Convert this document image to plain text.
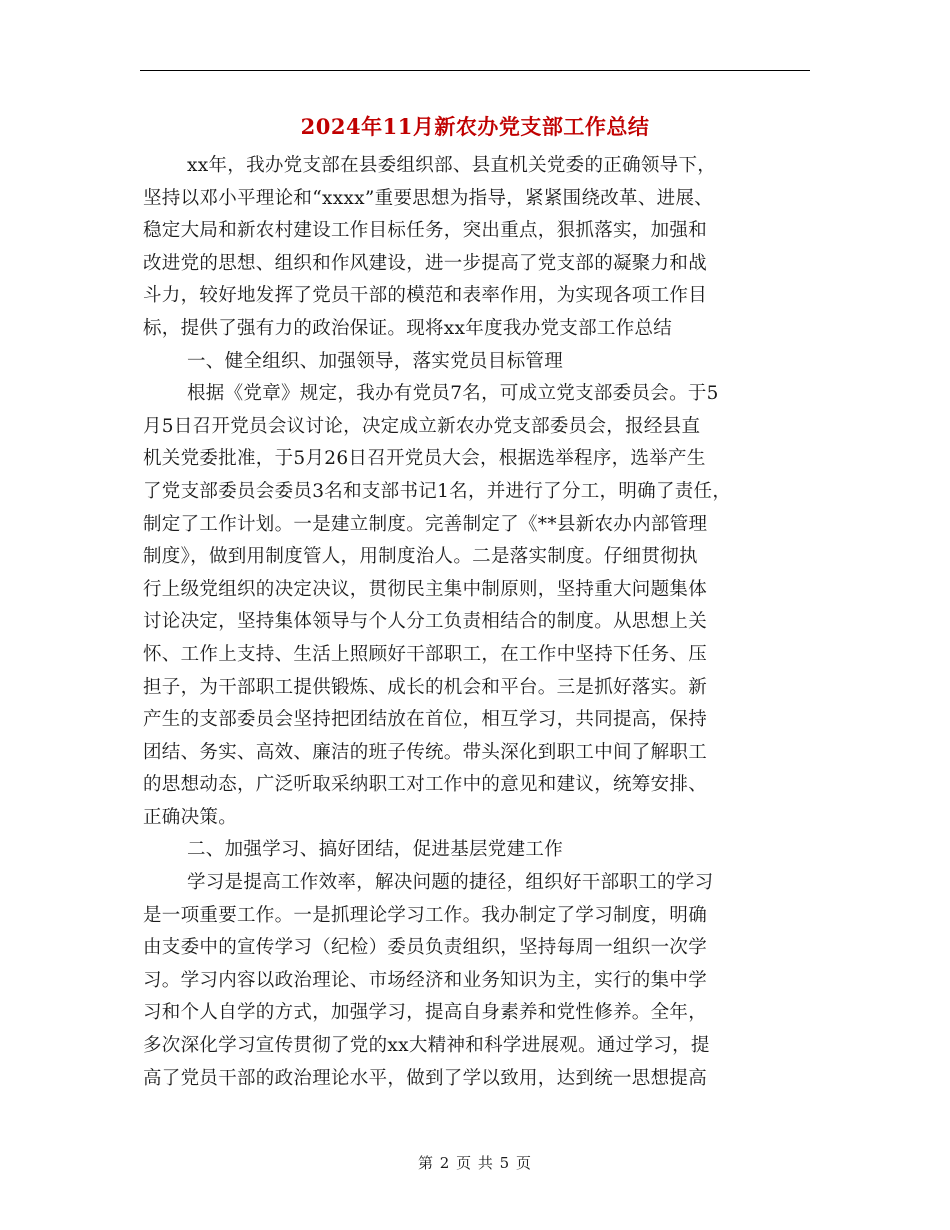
2024年11月新农办党支部工作总结
xx年，我办党支部在县委组织部、县直机关党委的正确领导下，
坚持以邓小平理论和“xxxx”重要思想为指导，紧紧围绕改革、进展、
稳定大局和新农村建设工作目标任务，突出重点，狠抓落实，加强和
改进党的思想、组织和作风建设，进一步提高了党支部的凝聚力和战
斗力，较好地发挥了党员干部的模范和表率作用，为实现各项工作目
标，提供了强有力的政治保证。现将xx年度我办党支部工作总结
一、健全组织、加强领导，落实党员目标管理
根据《党章》规定，我办有党员7名，可成立党支部委员会。于5
月5日召开党员会议讨论，决定成立新农办党支部委员会，报经县直
机关党委批准，于5月26日召开党员大会，根据选举程序，选举产生
了党支部委员会委员3名和支部书记1名，并进行了分工，明确了责任，
制定了工作计划。一是建立制度。完善制定了《**县新农办内部管理
制度》，做到用制度管人，用制度治人。二是落实制度。仔细贯彻执
行上级党组织的决定决议，贯彻民主集中制原则，坚持重大问题集体
讨论决定，坚持集体领导与个人分工负责相结合的制度。从思想上关
怀、工作上支持、生活上照顾好干部职工，在工作中坚持下任务、压
担子，为干部职工提供锻炼、成长的机会和平台。三是抓好落实。新
产生的支部委员会坚持把团结放在首位，相互学习，共同提高，保持
团结、务实、高效、廉洁的班子传统。带头深化到职工中间了解职工
的思想动态，广泛听取采纳职工对工作中的意见和建议，统筹安排、
正确决策。
二、加强学习、搞好团结，促进基层党建工作
学习是提高工作效率，解决问题的捷径，组织好干部职工的学习
是一项重要工作。一是抓理论学习工作。我办制定了学习制度，明确
由支委中的宣传学习（纪检）委员负责组织，坚持每周一组织一次学
习。学习内容以政治理论、市场经济和业务知识为主，实行的集中学
习和个人自学的方式，加强学习，提高自身素养和党性修养。全年，
多次深化学习宣传贯彻了党的xx大精神和科学进展观。通过学习，提
高了党员干部的政治理论水平，做到了学以致用，达到统一思想提高
第 2 页 共 5 页
